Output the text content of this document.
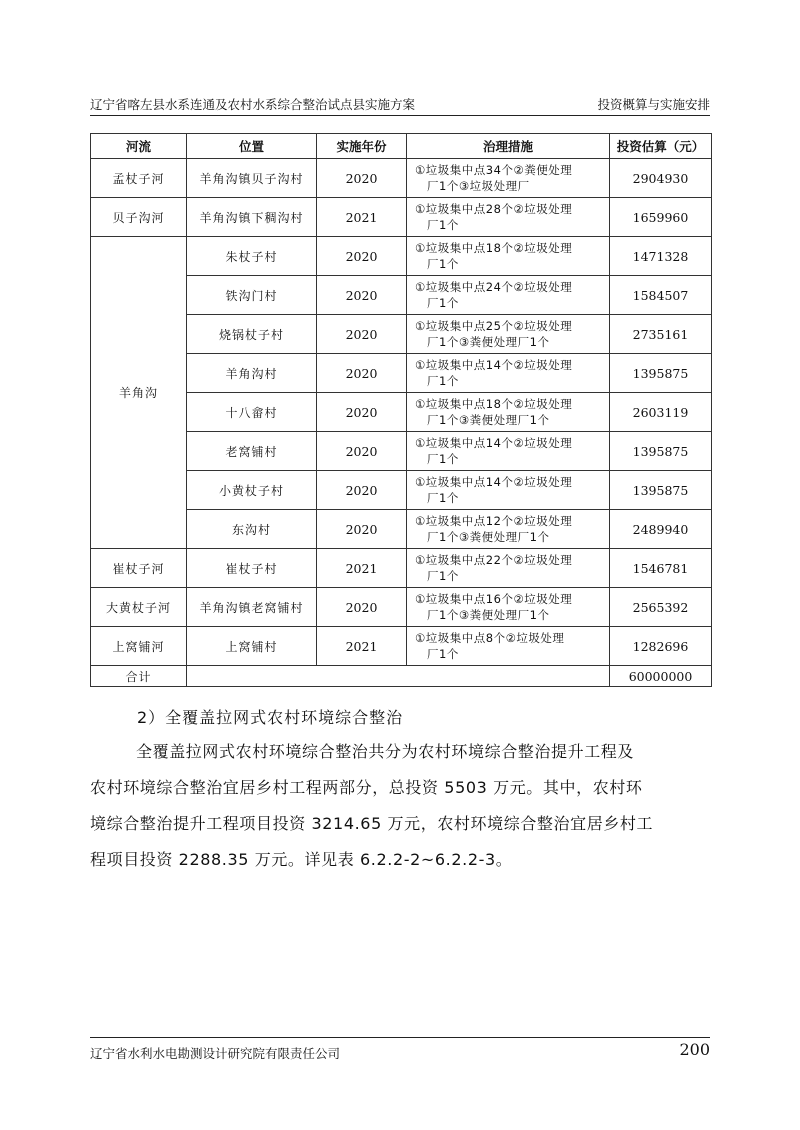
辽宁省喀左县水系连通及农村水系综合整治试点县实施方案	投资概算与实施安排
河流	位置	实施年份	治理措施	投资估算（元）
孟杖子河	羊角沟镇贝子沟村	2020	①垃圾集中点34个②粪便处理
厂1个③垃圾处理厂	2904930
贝子沟河	羊角沟镇下稠沟村	2021	①垃圾集中点28个②垃圾处理
厂1个	1659960
羊角沟	朱杖子村	2020	①垃圾集中点18个②垃圾处理
厂1个	1471328
	铁沟门村	2020	①垃圾集中点24个②垃圾处理
厂1个	1584507
	烧锅杖子村	2020	①垃圾集中点25个②垃圾处理
厂1个③粪便处理厂1个	2735161
	羊角沟村	2020	①垃圾集中点14个②垃圾处理
厂1个	1395875
	十八畲村	2020	①垃圾集中点18个②垃圾处理
厂1个③粪便处理厂1个	2603119
	老窝铺村	2020	①垃圾集中点14个②垃圾处理
厂1个	1395875
	小黄杖子村	2020	①垃圾集中点14个②垃圾处理
厂1个	1395875
	东沟村	2020	①垃圾集中点12个②垃圾处理
厂1个③粪便处理厂1个	2489940
崔杖子河	崔杖子村	2021	①垃圾集中点22个②垃圾处理
厂1个	1546781
大黄杖子河	羊角沟镇老窝铺村	2020	①垃圾集中点16个②垃圾处理
厂1个③粪便处理厂1个	2565392
上窝铺河	上窝铺村	2021	①垃圾集中点8个②垃圾处理
厂1个	1282696
合计				60000000
2）全覆盖拉网式农村环境综合整治
全覆盖拉网式农村环境综合整治共分为农村环境综合整治提升工程及
农村环境综合整治宜居乡村工程两部分，总投资 5503 万元。其中，农村环
境综合整治提升工程项目投资 3214.65 万元，农村环境综合整治宜居乡村工
程项目投资 2288.35 万元。详见表 6.2.2-2~6.2.2-3。
辽宁省水利水电勘测设计研究院有限责任公司	200
